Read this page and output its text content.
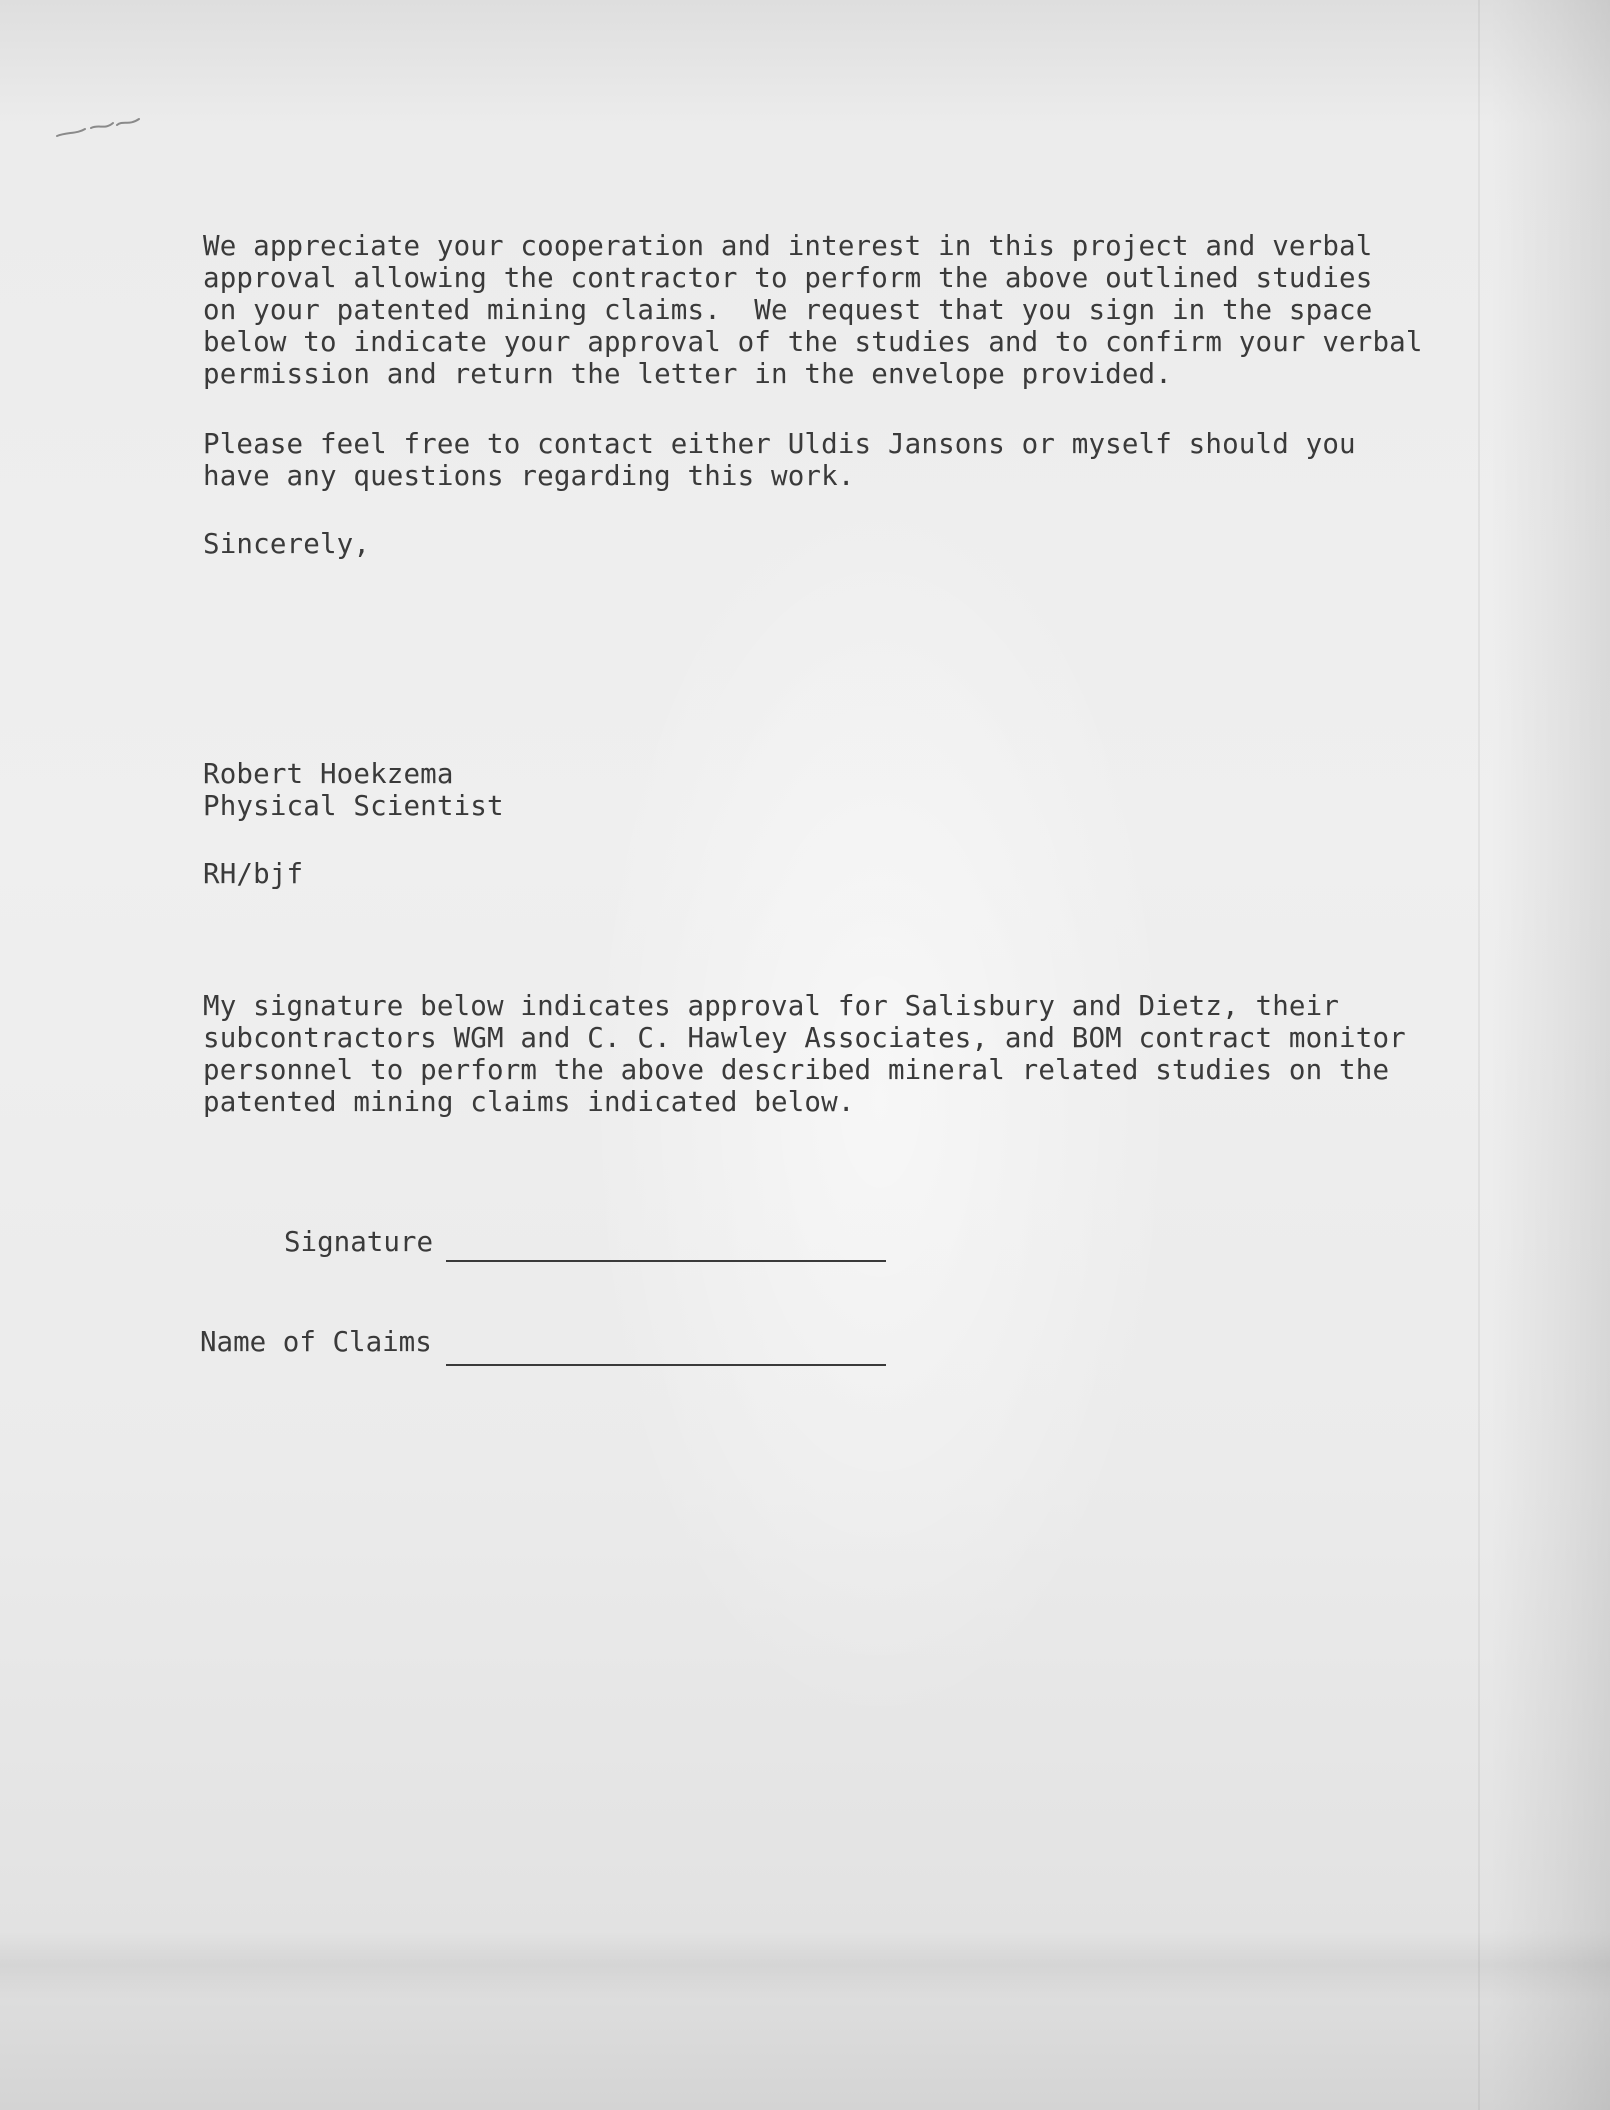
We appreciate your cooperation and interest in this project and verbal
approval allowing the contractor to perform the above outlined studies
on your patented mining claims.  We request that you sign in the space
below to indicate your approval of the studies and to confirm your verbal
permission and return the letter in the envelope provided.

Please feel free to contact either Uldis Jansons or myself should you
have any questions regarding this work.

Sincerely,

Robert Hoekzema

Physical Scientist

RH/bjf

My signature below indicates approval for Salisbury and Dietz, their
subcontractors WGM and C. C. Hawley Associates, and BOM contract monitor
personnel to perform the above described mineral related studies on the
patented mining claims indicated below.

Signature
Name of Claims
